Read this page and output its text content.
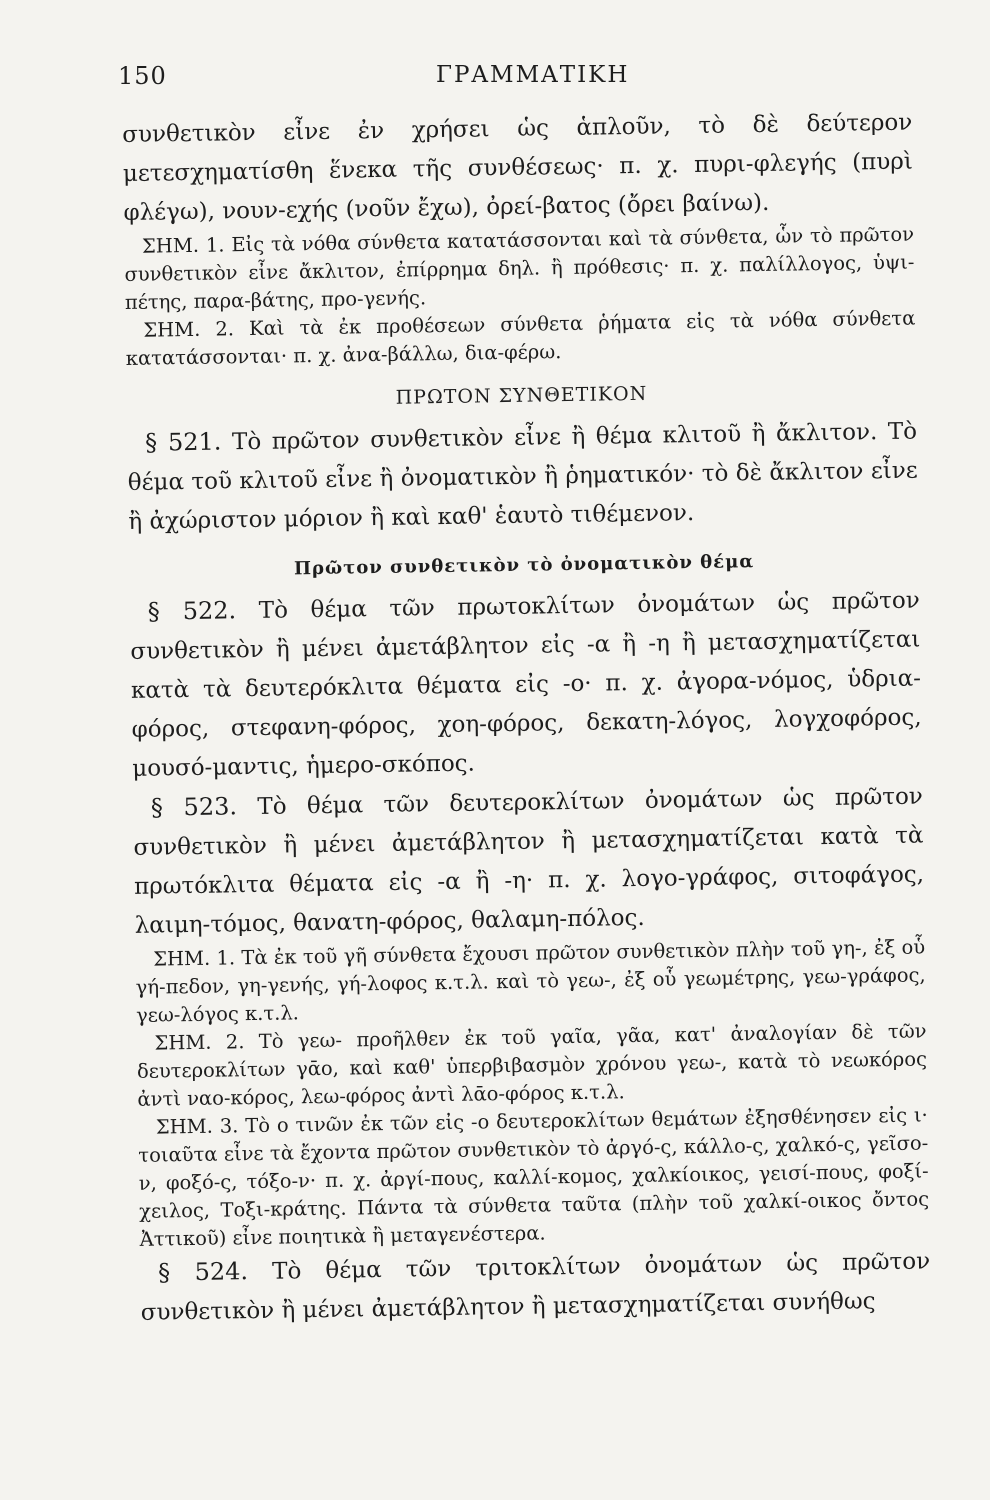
150	ΓΡΑΜΜΑΤΙΚΗ

συνθετικὸν εἶνε ἐν χρήσει ὡς ἁπλοῦν, τὸ δὲ δεύτερον μετεσχηματίσθη ἕνεκα τῆς συνθέσεως· π. χ. πυρι-φλεγής (πυρὶ φλέγω), νουν-εχής (νοῦν ἔχω), ὀρεί-βατος (ὄρει βαίνω).

ΣΗΜ. 1. Εἰς τὰ νόθα σύνθετα κατατάσσονται καὶ τὰ σύνθετα, ὧν τὸ πρῶτον συνθετικὸν εἶνε ἄκλιτον, ἐπίρρημα δηλ. ἢ πρόθεσις· π. χ. παλίλλογος, ὑψι-πέτης, παρα-βάτης, προ-γενής.

ΣΗΜ. 2. Καὶ τὰ ἐκ προθέσεων σύνθετα ῥήματα εἰς τὰ νόθα σύνθετα κατατάσσονται· π. χ. ἀνα-βάλλω, δια-φέρω.

ΠΡΩΤΟΝ ΣΥΝΘΕΤΙΚΟΝ

§ 521. Τὸ πρῶτον συνθετικὸν εἶνε ἢ θέμα κλιτοῦ ἢ ἄκλιτον. Τὸ θέμα τοῦ κλιτοῦ εἶνε ἢ ὀνοματικὸν ἢ ῥηματικόν· τὸ δὲ ἄκλιτον εἶνε ἢ ἀχώριστον μόριον ἢ καὶ καθ' ἑαυτὸ τιθέμενον.

Πρῶτον συνθετικὸν τὸ ὀνοματικὸν θέμα

§ 522. Τὸ θέμα τῶν πρωτοκλίτων ὀνομάτων ὡς πρῶτον συνθετικὸν ἢ μένει ἀμετάβλητον εἰς -α ἢ -η ἢ μετασχηματίζεται κατὰ τὰ δευτερόκλιτα θέματα εἰς -ο· π. χ. ἀγορα-νόμος, ὑδρια-φόρος, στεφανη-φόρος, χοη-φόρος, δεκατη-λόγος, λογχοφόρος, μουσό-μαντις, ἡμερο-σκόπος.

§ 523. Τὸ θέμα τῶν δευτεροκλίτων ὀνομάτων ὡς πρῶτον συνθετικὸν ἢ μένει ἀμετάβλητον ἢ μετασχηματίζεται κατὰ τὰ πρωτόκλιτα θέματα εἰς -α ἢ -η· π. χ. λογο-γράφος, σιτοφάγος, λαιμη-τόμος, θανατη-φόρος, θαλαμη-πόλος.

ΣΗΜ. 1. Τὰ ἐκ τοῦ γῆ σύνθετα ἔχουσι πρῶτον συνθετικὸν πλὴν τοῦ γη-, ἐξ οὗ γή-πεδον, γη-γενής, γή-λοφος κ.τ.λ. καὶ τὸ γεω-, ἐξ οὗ γεωμέτρης, γεω-γράφος, γεω-λόγος κ.τ.λ.

ΣΗΜ. 2. Τὸ γεω- προῆλθεν ἐκ τοῦ γαῖα, γᾶα, κατ' ἀναλογίαν δὲ τῶν δευτεροκλίτων γᾱο, καὶ καθ' ὑπερβιβασμὸν χρόνου γεω-, κατὰ τὸ νεωκόρος ἀντὶ ναο-κόρος, λεω-φόρος ἀντὶ λᾱο-φόρος κ.τ.λ.

ΣΗΜ. 3. Τὸ ο τινῶν ἐκ τῶν εἰς -ο δευτεροκλίτων θεμάτων ἐξησθένησεν εἰς ι· τοιαῦτα εἶνε τὰ ἔχοντα πρῶτον συνθετικὸν τὸ ἀργό-ς, κάλλο-ς, χαλκό-ς, γεῖσο-ν, φοξό-ς, τόξο-ν· π. χ. ἀργί-πους, καλλί-κομος, χαλκίοικος, γεισί-πους, φοξί-χειλος, Τοξι-κράτης. Πάντα τὰ σύνθετα ταῦτα (πλὴν τοῦ χαλκί-οικος ὄντος Ἀττικοῦ) εἶνε ποιητικὰ ἢ μεταγενέστερα.

§ 524. Τὸ θέμα τῶν τριτοκλίτων ὀνομάτων ὡς πρῶτον συνθετικὸν ἢ μένει ἀμετάβλητον ἢ μετασχηματίζεται συνήθως
